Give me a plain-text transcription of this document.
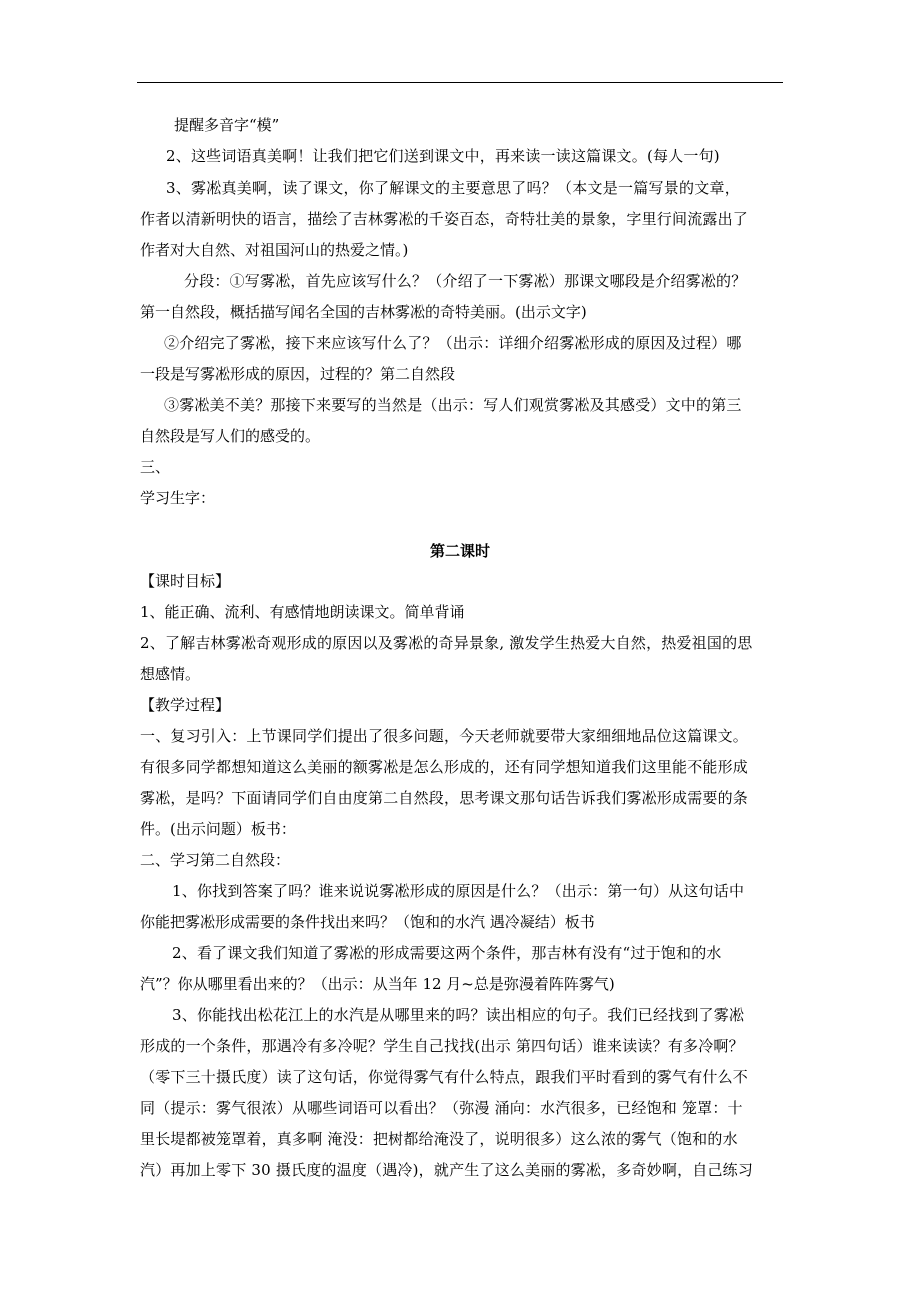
提醒多音字“模”
2、这些词语真美啊！让我们把它们送到课文中，再来读一读这篇课文。(每人一句)
3、雾凇真美啊，读了课文，你了解课文的主要意思了吗？（本文是一篇写景的文章，
作者以清新明快的语言，描绘了吉林雾凇的千姿百态，奇特壮美的景象，字里行间流露出了
作者对大自然、对祖国河山的热爱之情。)
分段：①写雾凇，首先应该写什么？（介绍了一下雾凇）那课文哪段是介绍雾凇的？
第一自然段，概括描写闻名全国的吉林雾凇的奇特美丽。(出示文字)
②介绍完了雾凇，接下来应该写什么了？（出示：详细介绍雾凇形成的原因及过程）哪
一段是写雾凇形成的原因，过程的？第二自然段
③雾凇美不美？那接下来要写的当然是（出示：写人们观赏雾凇及其感受）文中的第三
自然段是写人们的感受的。
三、
学习生字：
第二课时
【课时目标】
1、能正确、流利、有感情地朗读课文。简单背诵
2、了解吉林雾凇奇观形成的原因以及雾凇的奇异景象, 激发学生热爱大自然，热爱祖国的思
想感情。
【教学过程】
一、复习引入：上节课同学们提出了很多问题，今天老师就要带大家细细地品位这篇课文。
有很多同学都想知道这么美丽的额雾凇是怎么形成的，还有同学想知道我们这里能不能形成
雾凇，是吗？下面请同学们自由度第二自然段，思考课文那句话告诉我们雾凇形成需要的条
件。(出示问题）板书：
二、学习第二自然段：
1、你找到答案了吗？谁来说说雾凇形成的原因是什么？（出示：第一句）从这句话中
你能把雾凇形成需要的条件找出来吗？（饱和的水汽 遇冷凝结）板书
2、看了课文我们知道了雾凇的形成需要这两个条件，那吉林有没有“过于饱和的水
汽”？你从哪里看出来的？（出示：从当年 12 月~总是弥漫着阵阵雾气)
3、你能找出松花江上的水汽是从哪里来的吗？读出相应的句子。我们已经找到了雾凇
形成的一个条件，那遇冷有多冷呢？学生自己找找(出示 第四句话）谁来读读？有多冷啊？
（零下三十摄氏度）读了这句话，你觉得雾气有什么特点，跟我们平时看到的雾气有什么不
同（提示：雾气很浓）从哪些词语可以看出？（弥漫 涌向：水汽很多，已经饱和 笼罩：十
里长堤都被笼罩着，真多啊 淹没：把树都给淹没了，说明很多）这么浓的雾气（饱和的水
汽）再加上零下 30 摄氏度的温度（遇冷)，就产生了这么美丽的雾凇，多奇妙啊，自己练习
